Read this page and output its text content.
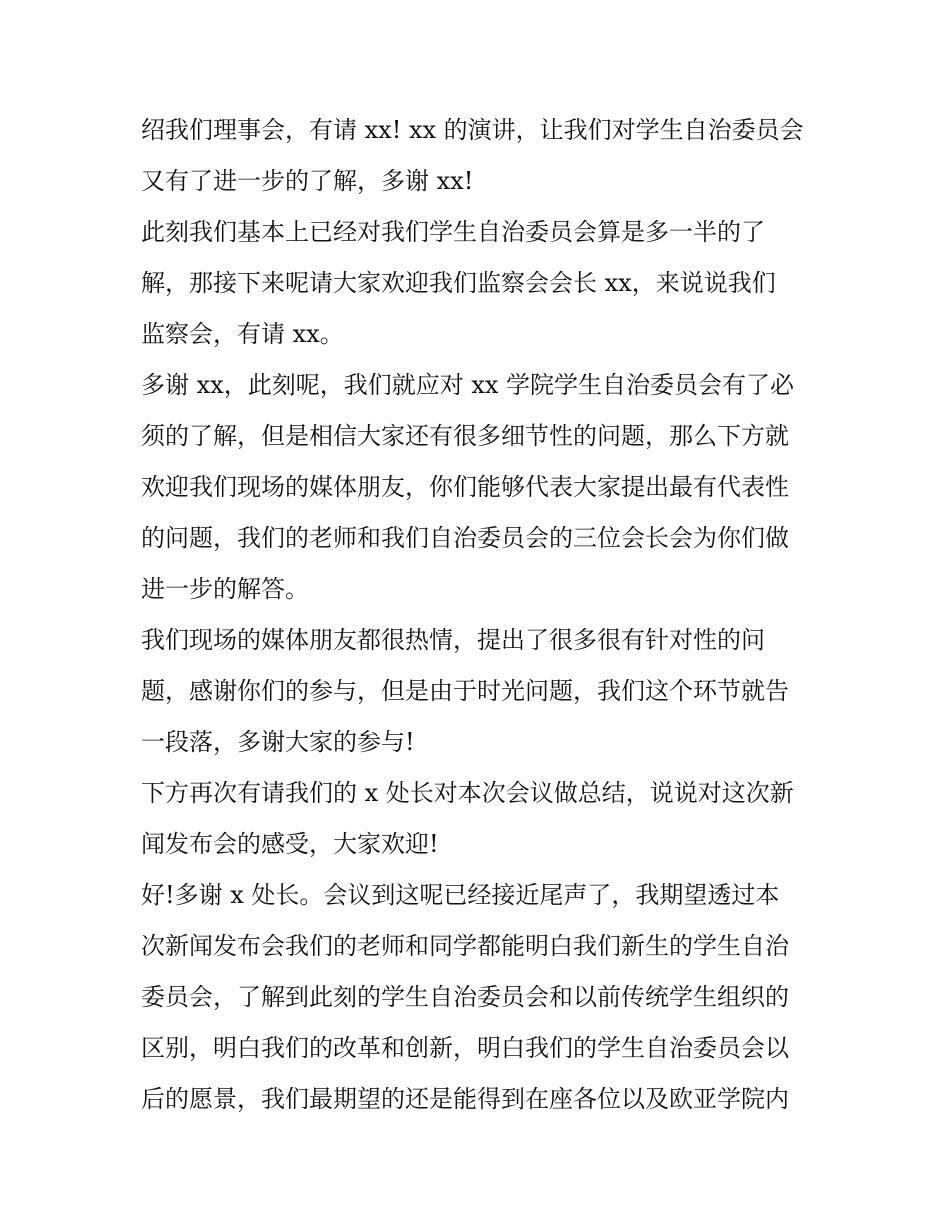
绍我们理事会，有请 xx! xx 的演讲，让我们对学生自治委员会
又有了进一步的了解，多谢 xx!
此刻我们基本上已经对我们学生自治委员会算是多一半的了
解，那接下来呢请大家欢迎我们监察会会长 xx，来说说我们
监察会，有请 xx。
多谢 xx，此刻呢，我们就应对 xx 学院学生自治委员会有了必
须的了解，但是相信大家还有很多细节性的问题，那么下方就
欢迎我们现场的媒体朋友，你们能够代表大家提出最有代表性
的问题，我们的老师和我们自治委员会的三位会长会为你们做
进一步的解答。
我们现场的媒体朋友都很热情，提出了很多很有针对性的问
题，感谢你们的参与，但是由于时光问题，我们这个环节就告
一段落，多谢大家的参与!
下方再次有请我们的 x 处长对本次会议做总结，说说对这次新
闻发布会的感受，大家欢迎!
好!多谢 x 处长。会议到这呢已经接近尾声了，我期望透过本
次新闻发布会我们的老师和同学都能明白我们新生的学生自治
委员会，了解到此刻的学生自治委员会和以前传统学生组织的
区别，明白我们的改革和创新，明白我们的学生自治委员会以
后的愿景，我们最期望的还是能得到在座各位以及欧亚学院内
